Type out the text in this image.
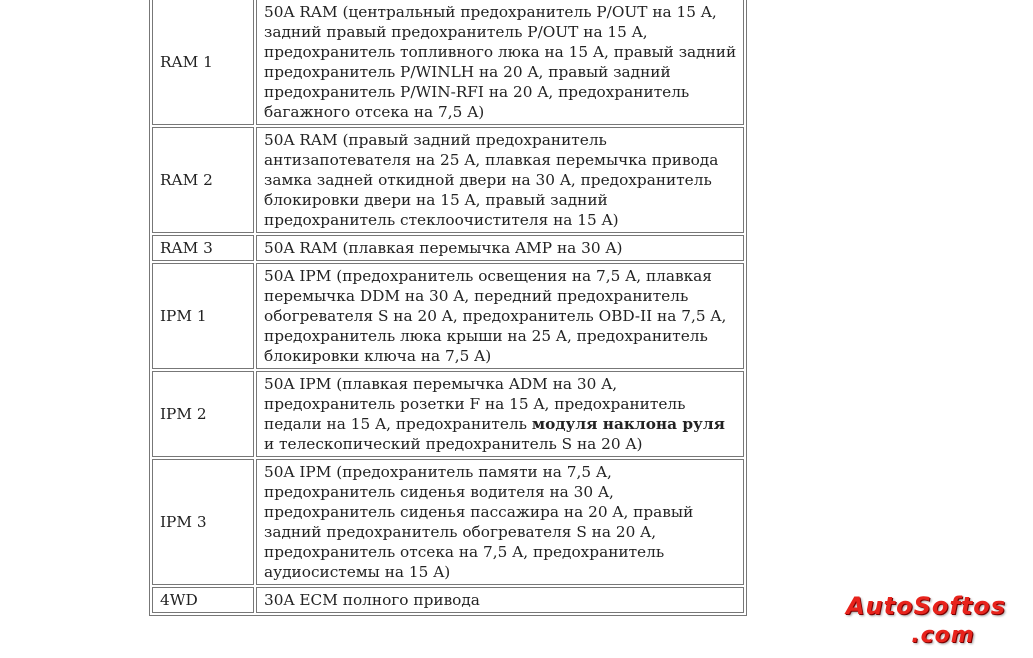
RAM 1	50A RAM (центральный предохранитель P/OUT на 15 A, задний правый предохранитель P/OUT на 15 A, предохранитель топливного люка на 15 A, правый задний предохранитель P/WINLH на 20 A, правый задний предохранитель P/WIN-RFI на 20 A, предохранитель багажного отсека на 7,5 A)
RAM 2	50A RAM (правый задний предохранитель антизапотевателя на 25 A, плавкая перемычка привода замка задней откидной двери на 30 A, предохранитель блокировки двери на 15 A, правый задний предохранитель стеклоочистителя на 15 A)
RAM 3	50A RAM (плавкая перемычка AMP на 30 A)
IPM 1	50A IPM (предохранитель освещения на 7,5 A, плавкая перемычка DDM на 30 A, передний предохранитель обогревателя S на 20 A, предохранитель OBD-II на 7,5 A, предохранитель люка крыши на 25 A, предохранитель блокировки ключа на 7,5 A)
IPM 2	50A IPM (плавкая перемычка ADM на 30 A, предохранитель розетки F на 15 A, предохранитель педали на 15 A, предохранитель модуля наклона руля и телескопический предохранитель S на 20 A)
IPM 3	50A IPM (предохранитель памяти на 7,5 A, предохранитель сиденья водителя на 30 A, предохранитель сиденья пассажира на 20 A, правый задний предохранитель обогревателя S на 20 A, предохранитель отсека на 7,5 A, предохранитель аудиосистемы на 15 A)
4WD	30A ECM полного привода	AutoSoftos
.com
